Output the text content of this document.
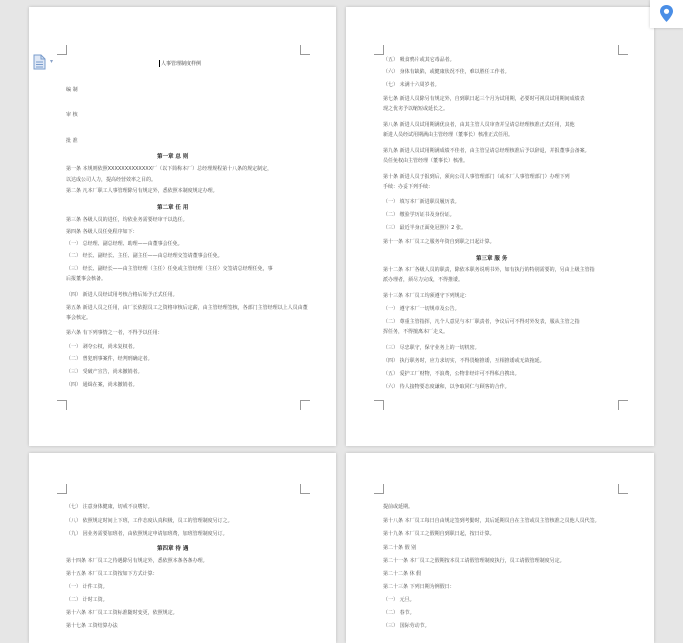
人事管理制度样例
编 制
审 核
批 准
第一章 总 则
第一条 本规则依照XXXXXXXXXXXXX厂（以下简称本厂）总经理规程第十八条的规定制定，
以达成公司人力，提高经营效率之目的。
第二条 凡本厂职工人事管理除另有规定外，悉依照本制度规定办理。
第二章 任 用
第三条 各级人员的进任，均依业务需要经审干以选任。
第四条 各级人员任免程序如下：
（一） 总经理、副总经理、助理——由董事会任免。
（二） 经长、副经长、主任、副主任——由总经理交签请董事会任免。
（三） 经长、副经长——由主管经理（主任）任免或主管经理（主任）交签请总经理任免，事
后报董事会核备。
（四） 新进人员经试用考核合格后始予正式任用。
第五条 新进人员之任用，由厂长依据员工之资格审核后定薪，由主管经理签核，各部门主管经理以上人员由董
事会核定。
第六条 有下列事情之一者，不得予以任用：
（一） 剥夺公权，尚未复权者。
（二） 曾犯刑事案件，经判刑确定者。
（三） 受破产宣告，尚未撤销者。
（四） 通缉在案，尚未撤销者。
（五） 吸食鸦片或其它毒品者。
（六） 身体有缺陷，或健康状况不佳，难以胜任工作者。
（七） 未满十六周岁者。
第七条 新进人员除另有规定外，自到职日起三个月为试用期，必要时可视员试用期间成绩表
现之优劣予以缩短或延长之。
第八条 新进人员试用期满优良者，由其主管人员审查并呈请总经理核准正式任用，其他
新进人员经试用期满由主管经理（董事长）核准正式任用。
第九条 新进人员试用期满成绩不佳者，由主管呈请总经理核准后予以辞退，并报董事会备案。
员任免权由主管经理（董事长）核准。
第十条 新进人员于报到后，须向公司人事管理部门（或本厂人事管理部门）办理下列
手续：办妥下列手续：
（一） 填写本厂新进职员履历表。
（二） 缴验学历证书及身份证。
（三） 最近半身正面免冠照片 2 张。
第十一条 本厂员工之服务年资自到职之日起计算。
第三章 服 务
第十二条 本厂各级人员的职责，除依本职务说明书外，如有执行的特别需要的，另由上级主管指
派办理者，须尽力完成，不得推诿。
第十三条 本厂员工均须遵守下列规定：
（一） 遵守本厂一切规章及公告。
（二） 尊重主管指挥，凡个人意见与本厂职责者，争议后可不得对外发表，服从主管之指
挥任务，不得擅离本厂走义。
（三） 尽忠职守，保守业务上的一切机密。
（四） 执行职务时，应力求切实，不得畏缩推诿，互相推诿或无故拖延。
（五） 爱护工厂财物，不浪费，公物非经许可不得私自携出。
（六） 待人接物要态度谦和，以争取同仁与顾客的合作。
（七） 注意身体健康，切戒不良嗜好。
（八） 依照规定时间上下班，工作态度认真积极，员工的管理制度另订之。
（九） 因业务需要加班者，由依照规定申请加班费，加班管理制度另订。
第四章 待 遇
第十四条 本厂员工之待遇除另有规定外，悉依照本条各条办理。
第十五条 本厂员工工资按如下方式计算：
（一） 计件工资。
（二） 计时工资。
第十六条 本厂员工工资标准随时变更，依照规定。
第十七条 工资结算办法
提前或延期。
第十八条 本厂员工每日自由规定签到考勤时，其后延期员自在主管或员主管核准之员他人员代签。
第十九条 本厂员工之假期自到职日起，按日计算。
第二十条 假 别
第二十一条 本厂员工之假期按本员工请假管理制度执行，员工请假管理制度另定。
第二十二条 休 假
第二十三条 下列日期为例假日：
（一） 元旦。
（二） 春节。
（三） 国际劳动节。
▾
